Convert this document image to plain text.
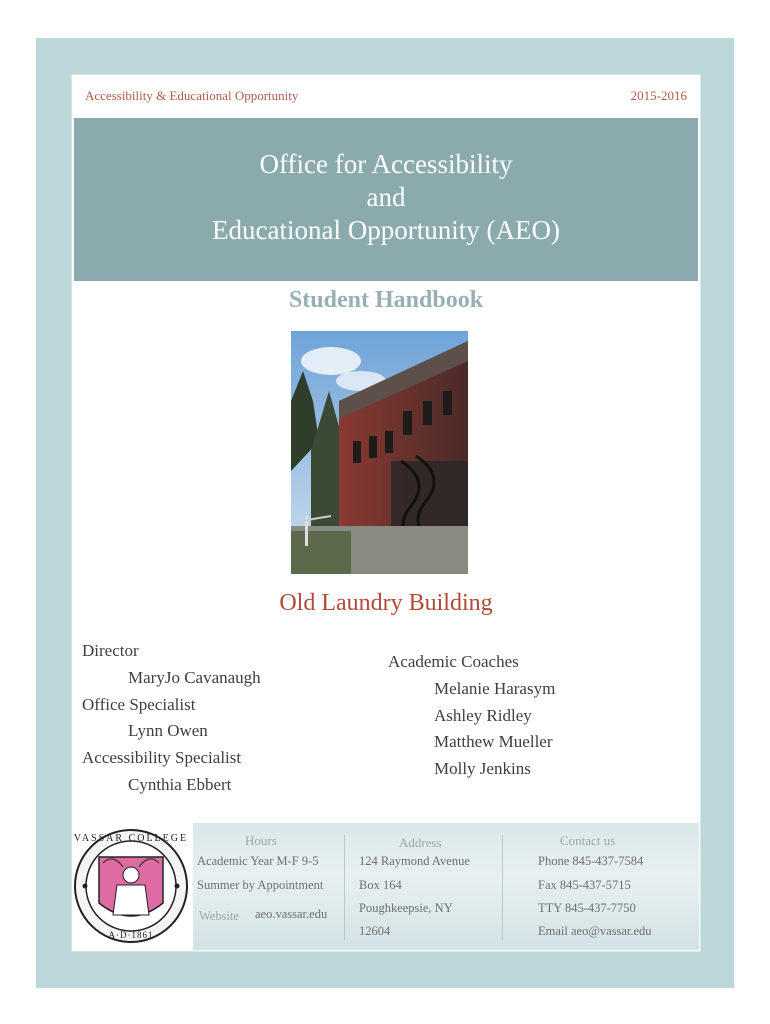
Accessibility & Educational Opportunity	2015-2016
Office for Accessibility
and
Educational Opportunity (AEO)
Student Handbook
Old Laundry Building
Director
MaryJo Cavanaugh
Office Specialist
Lynn Owen
Accessibility Specialist
Cynthia Ebbert
Academic Coaches
Melanie Harasym
Ashley Ridley
Matthew Mueller
Molly Jenkins
VASSAR COLLEGE
A·D·1861
Hours
Academic Year M-F 9-5
Summer by Appointment
Website aeo.vassar.edu
Address
124 Raymond Avenue
Box 164
Poughkeepsie, NY
12604
Contact us
Phone 845-437-7584
Fax 845-437-5715
TTY 845-437-7750
Email aeo@vassar.edu
